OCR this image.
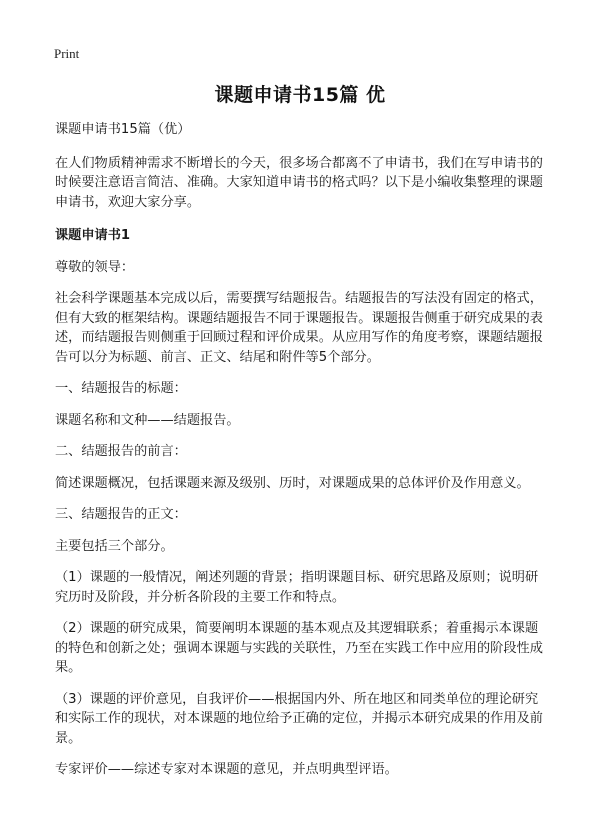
Print
课题申请书15篇 优

课题申请书15篇（优）

在人们物质精神需求不断增长的今天，很多场合都离不了申请书，我们在写申请书的时候要注意语言简洁、准确。大家知道申请书的格式吗？以下是小编收集整理的课题申请书，欢迎大家分享。

课题申请书1

尊敬的领导：

社会科学课题基本完成以后，需要撰写结题报告。结题报告的写法没有固定的格式，但有大致的框架结构。课题结题报告不同于课题报告。课题报告侧重于研究成果的表述，而结题报告则侧重于回顾过程和评价成果。从应用写作的角度考察，课题结题报告可以分为标题、前言、正文、结尾和附件等5个部分。

一、结题报告的标题：

课题名称和文种——结题报告。

二、结题报告的前言：

简述课题概况，包括课题来源及级别、历时，对课题成果的总体评价及作用意义。

三、结题报告的正文：

主要包括三个部分。

（1）课题的一般情况，阐述列题的背景；指明课题目标、研究思路及原则；说明研究历时及阶段，并分析各阶段的主要工作和特点。

（2）课题的研究成果，简要阐明本课题的基本观点及其逻辑联系；着重揭示本课题的特色和创新之处；强调本课题与实践的关联性，乃至在实践工作中应用的阶段性成果。

（3）课题的评价意见，自我评价——根据国内外、所在地区和同类单位的理论研究和实际工作的现状，对本课题的地位给予正确的定位，并揭示本研究成果的作用及前景。

专家评价——综述专家对本课题的意见，并点明典型评语。
